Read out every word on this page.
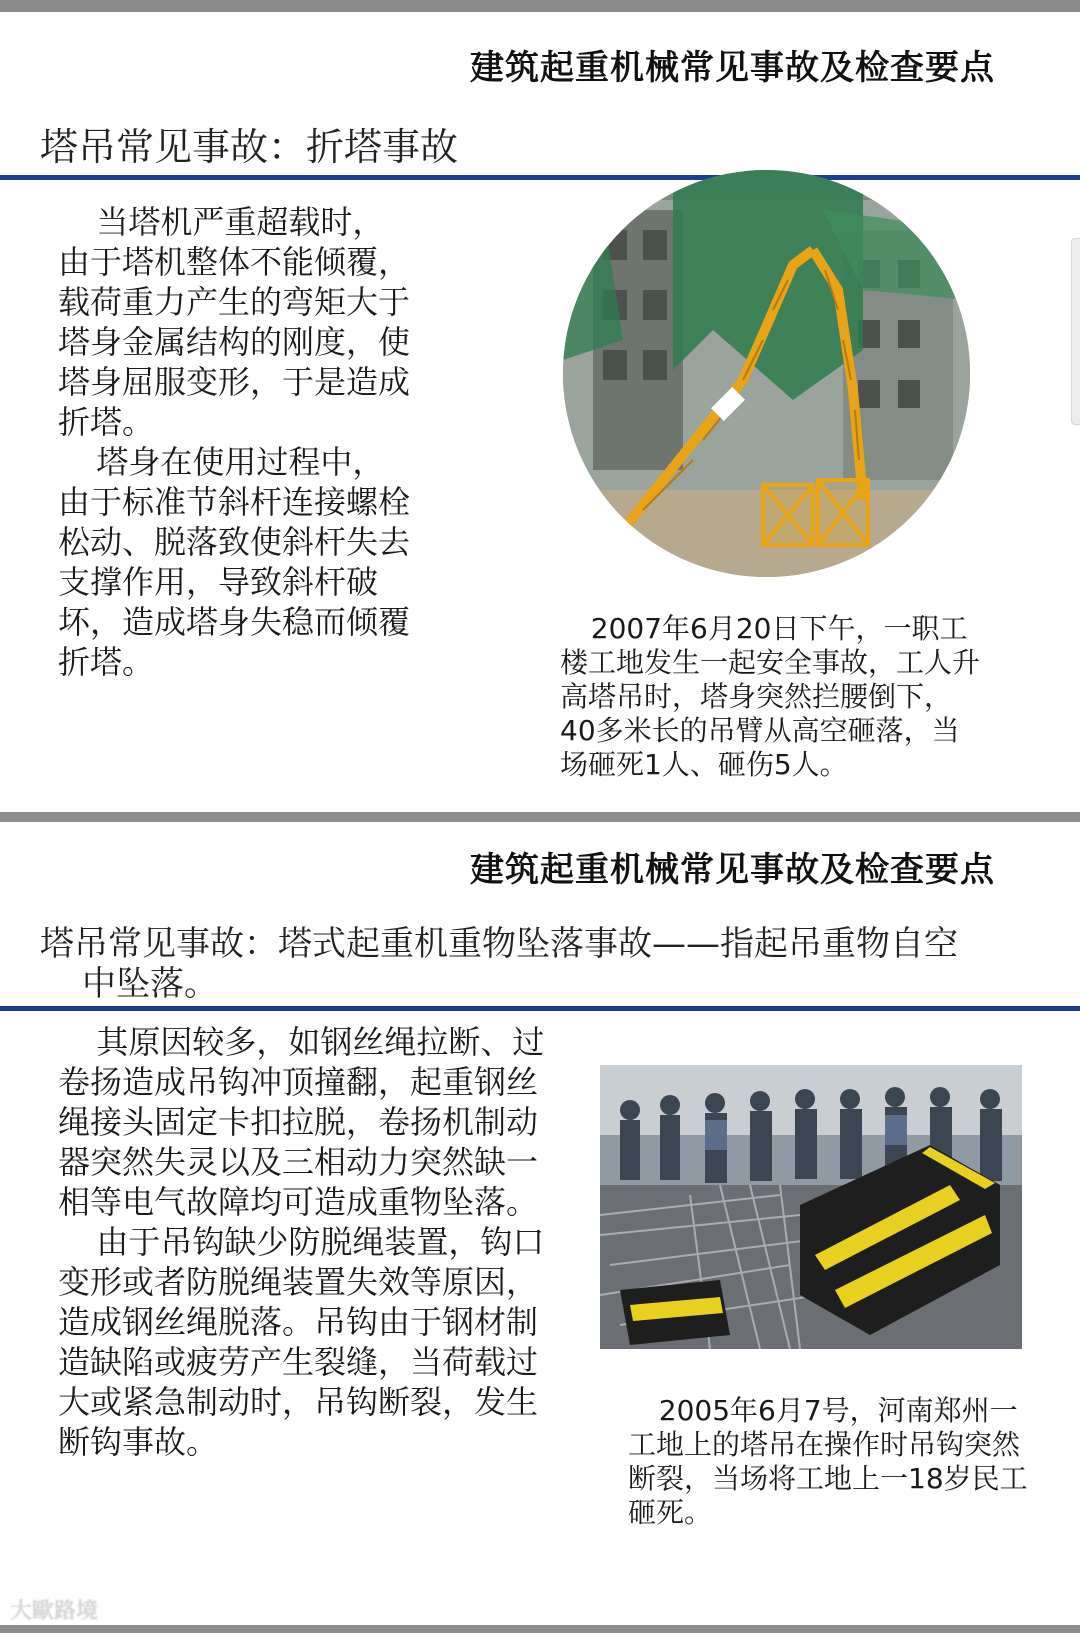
建筑起重机械常见事故及检查要点
塔吊常见事故：折塔事故

当塔机严重超载时，由于塔机整体不能倾覆，载荷重力产生的弯矩大于塔身金属结构的刚度，使塔身屈服变形，于是造成折塔。

塔身在使用过程中，由于标准节斜杆连接螺栓松动、脱落致使斜杆失去支撑作用，导致斜杆破坏，造成塔身失稳而倾覆折塔。

2007年6月20日下午，一职工楼工地发生一起安全事故，工人升高塔吊时，塔身突然拦腰倒下，40多米长的吊臂从高空砸落，当场砸死1人、砸伤5人。
建筑起重机械常见事故及检查要点
塔吊常见事故：塔式起重机重物坠落事故——指起吊重物自空
中坠落。

其原因较多，如钢丝绳拉断、过卷扬造成吊钩冲顶撞翻，起重钢丝绳接头固定卡扣拉脱，卷扬机制动器突然失灵以及三相动力突然缺一相等电气故障均可造成重物坠落。

由于吊钩缺少防脱绳装置，钩口变形或者防脱绳装置失效等原因，造成钢丝绳脱落。吊钩由于钢材制造缺陷或疲劳产生裂缝，当荷载过大或紧急制动时，吊钩断裂，发生断钩事故。

2005年6月7号，河南郑州一工地上的塔吊在操作时吊钩突然断裂，当场将工地上一18岁民工砸死。
大歐路境
